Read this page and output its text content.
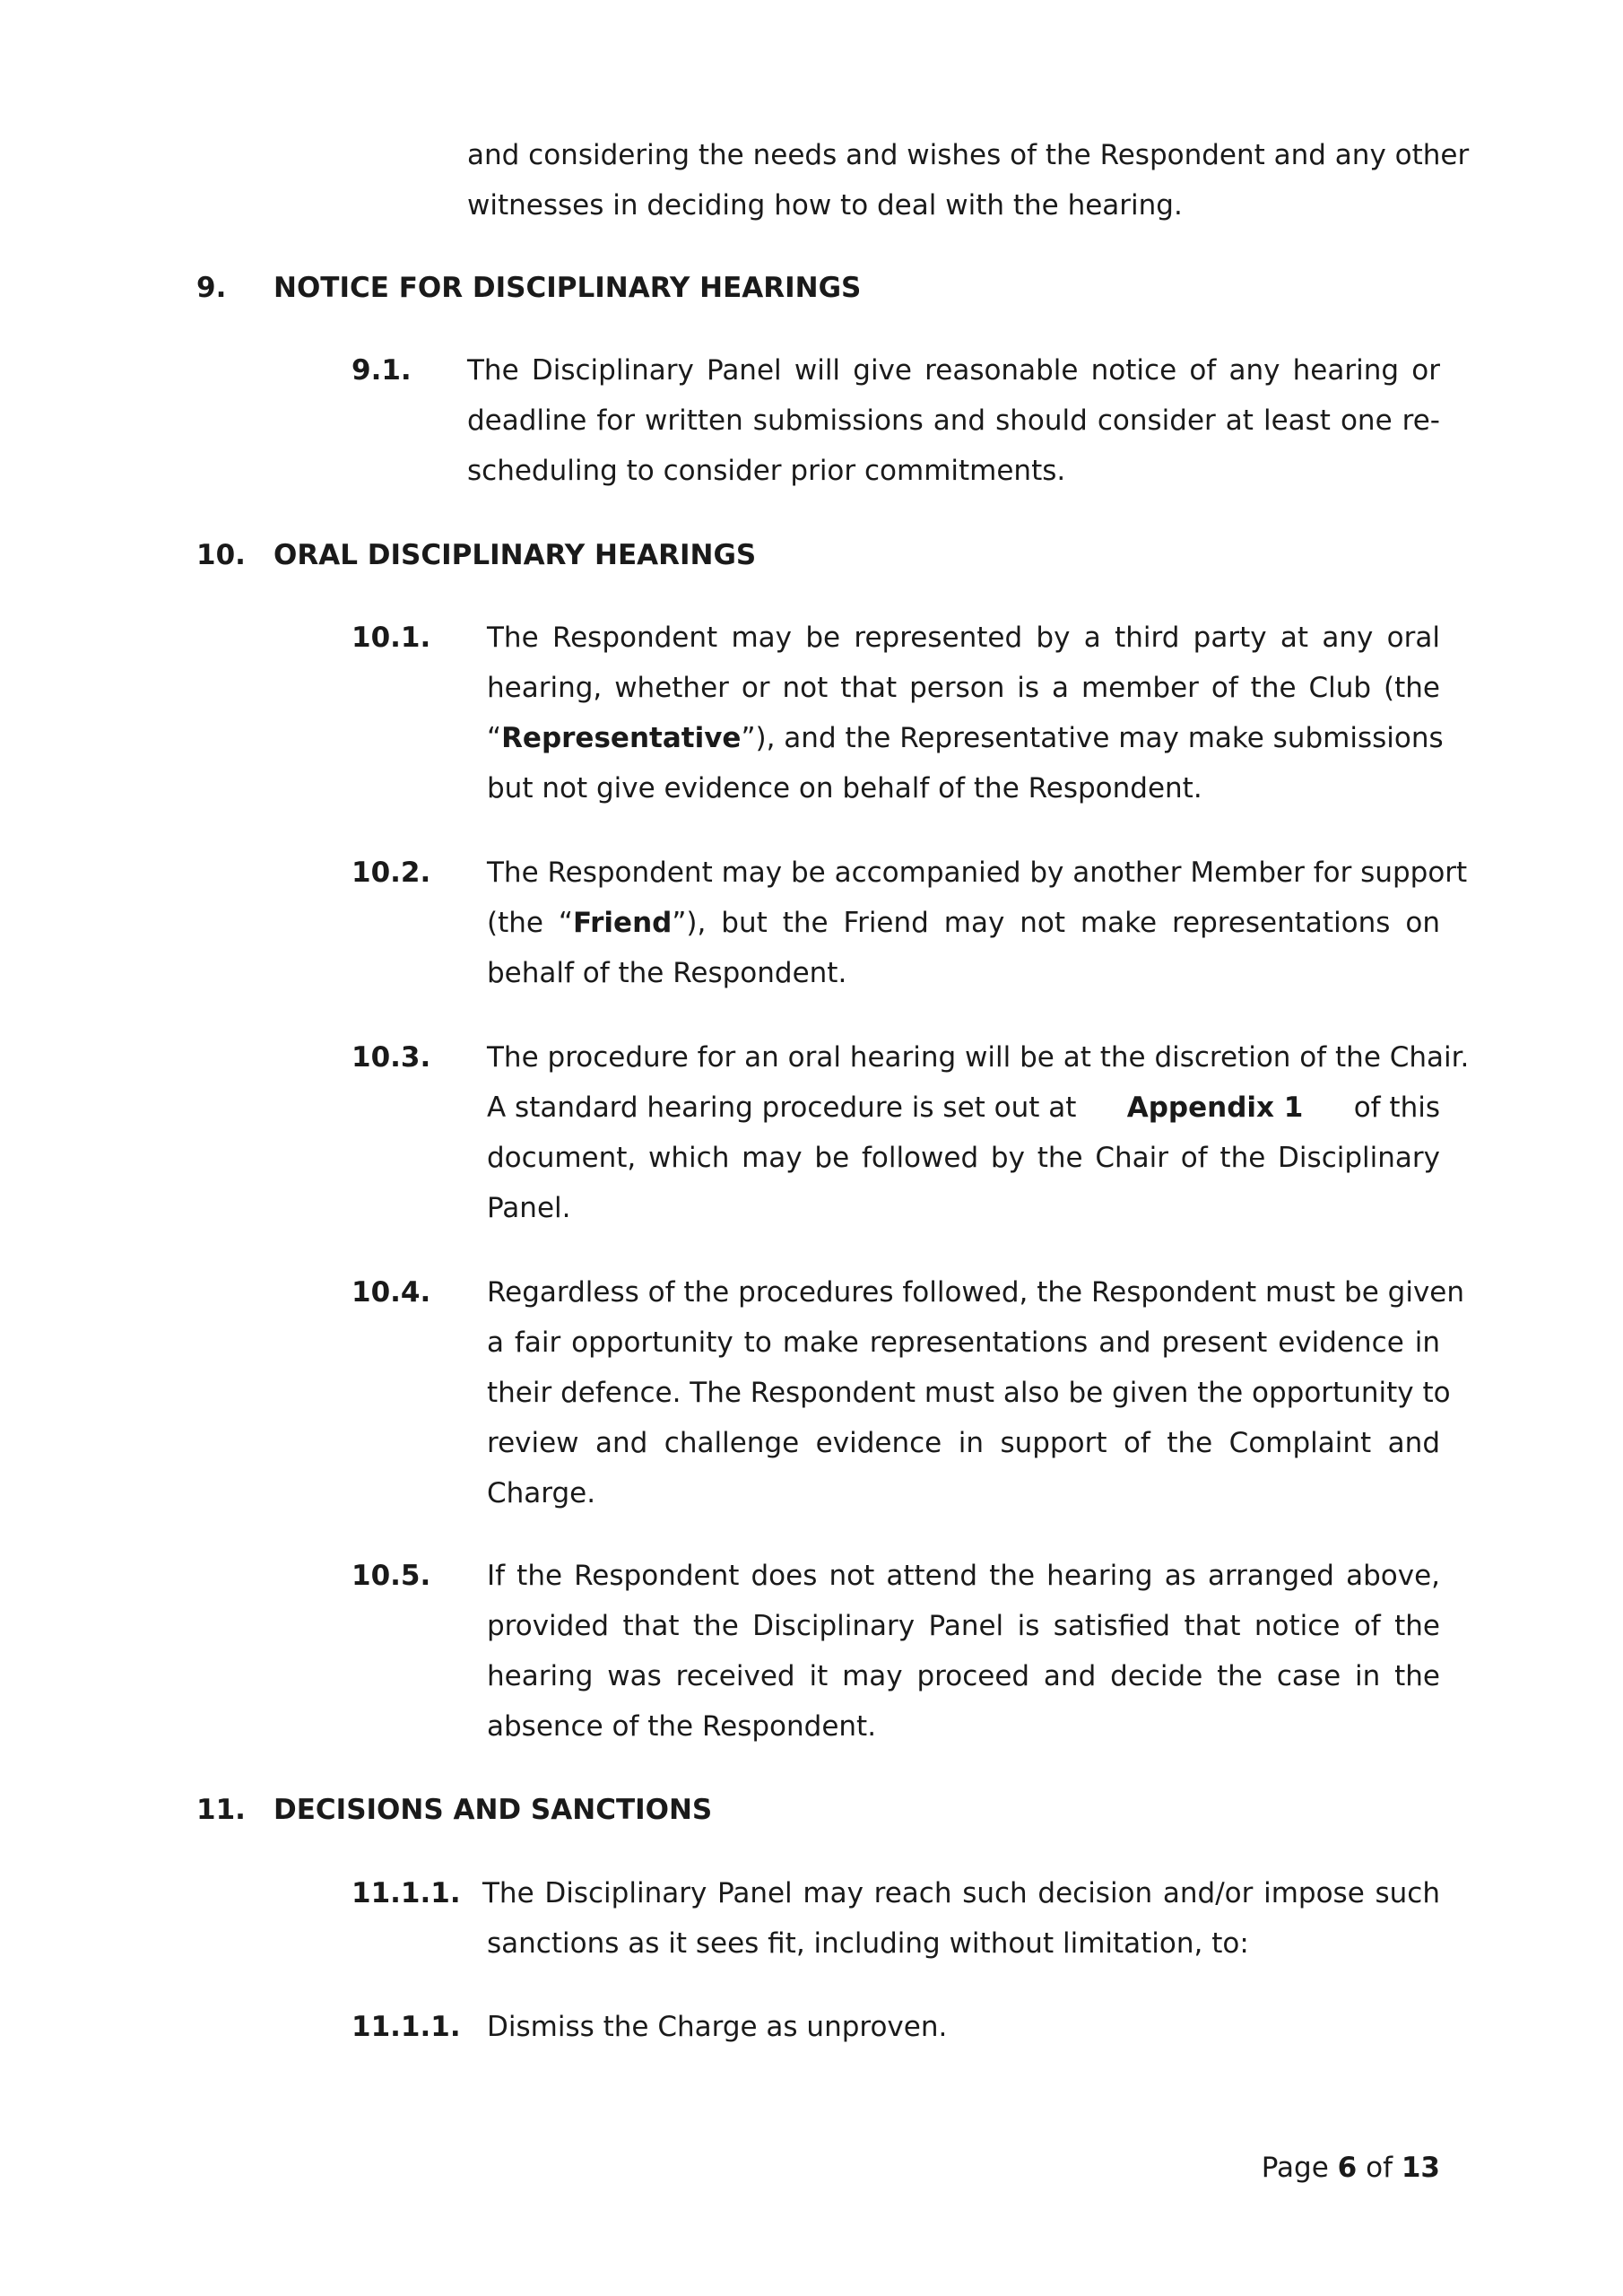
and considering the needs and wishes of the Respondent and any other
witnesses in deciding how to deal with the hearing.
9. NOTICE FOR DISCIPLINARY HEARINGS
9.1. The Disciplinary Panel will give reasonable notice of any hearing or
deadline for written submissions and should consider at least one re-
scheduling to consider prior commitments.
10. ORAL DISCIPLINARY HEARINGS
10.1. The Respondent may be represented by a third party at any oral
hearing, whether or not that person is a member of the Club (the
“Representative”), and the Representative may make submissions
but not give evidence on behalf of the Respondent.
10.2. The Respondent may be accompanied by another Member for support
(the “Friend”), but the Friend may not make representations on
behalf of the Respondent.
10.3. The procedure for an oral hearing will be at the discretion of the Chair.
A standard hearing procedure is set out at Appendix 1 of this
document, which may be followed by the Chair of the Disciplinary
Panel.
10.4. Regardless of the procedures followed, the Respondent must be given
a fair opportunity to make representations and present evidence in
their defence. The Respondent must also be given the opportunity to
review and challenge evidence in support of the Complaint and
Charge.
10.5. If the Respondent does not attend the hearing as arranged above,
provided that the Disciplinary Panel is satisfied that notice of the
hearing was received it may proceed and decide the case in the
absence of the Respondent.
11. DECISIONS AND SANCTIONS
11.1.1. The Disciplinary Panel may reach such decision and/or impose such
sanctions as it sees fit, including without limitation, to:
11.1.1. Dismiss the Charge as unproven.
Page 6 of 13
